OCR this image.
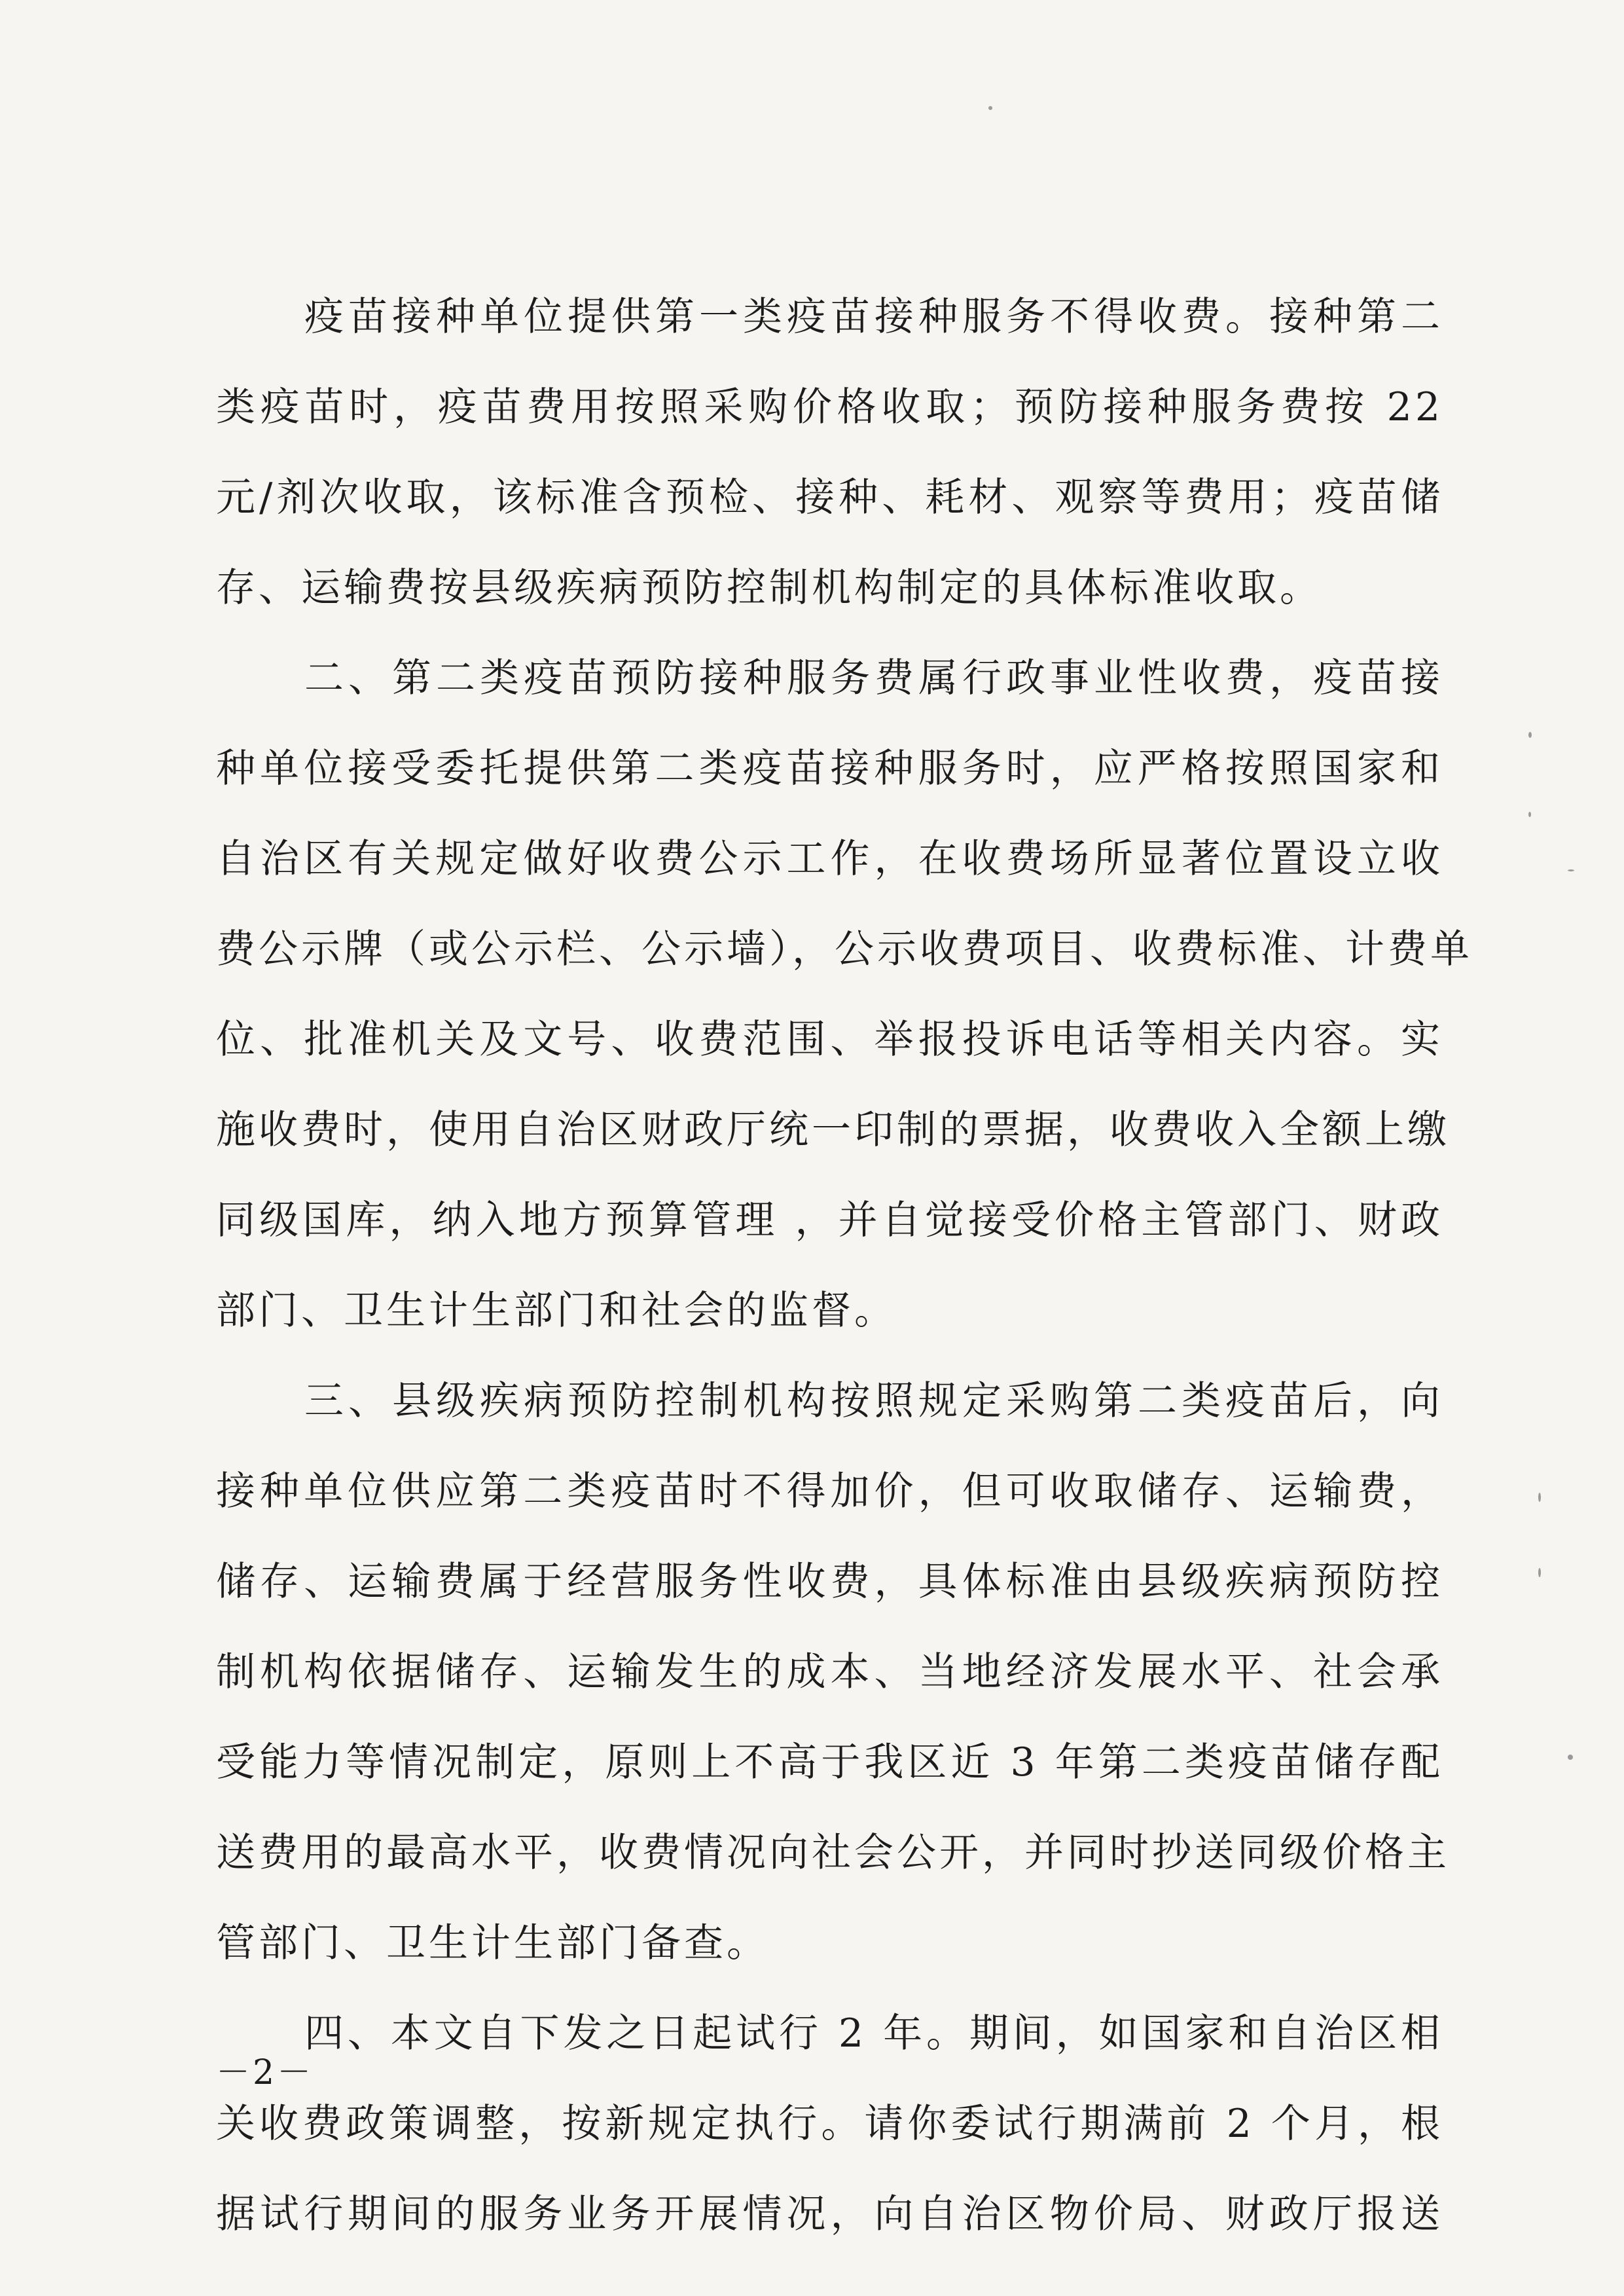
疫苗接种单位提供第一类疫苗接种服务不得收费。接种第二
类疫苗时，疫苗费用按照采购价格收取；预防接种服务费按 22
元/剂次收取，该标准含预检、接种、耗材、观察等费用；疫苗储
存、运输费按县级疾病预防控制机构制定的具体标准收取。
二、第二类疫苗预防接种服务费属行政事业性收费，疫苗接
种单位接受委托提供第二类疫苗接种服务时，应严格按照国家和
自治区有关规定做好收费公示工作，在收费场所显著位置设立收
费公示牌（或公示栏、公示墙），公示收费项目、收费标准、计费单
位、批准机关及文号、收费范围、举报投诉电话等相关内容。实
施收费时，使用自治区财政厅统一印制的票据，收费收入全额上缴
同级国库，纳入地方预算管理 ，并自觉接受价格主管部门、财政
部门、卫生计生部门和社会的监督。
三、县级疾病预防控制机构按照规定采购第二类疫苗后，向
接种单位供应第二类疫苗时不得加价，但可收取储存、运输费，
储存、运输费属于经营服务性收费，具体标准由县级疾病预防控
制机构依据储存、运输发生的成本、当地经济发展水平、社会承
受能力等情况制定，原则上不高于我区近 3 年第二类疫苗储存配
送费用的最高水平，收费情况向社会公开，并同时抄送同级价格主
管部门、卫生计生部门备查。
四、本文自下发之日起试行 2 年。期间，如国家和自治区相
关收费政策调整，按新规定执行。请你委试行期满前 2 个月，根
据试行期间的服务业务开展情况，向自治区物价局、财政厅报送
－2－
